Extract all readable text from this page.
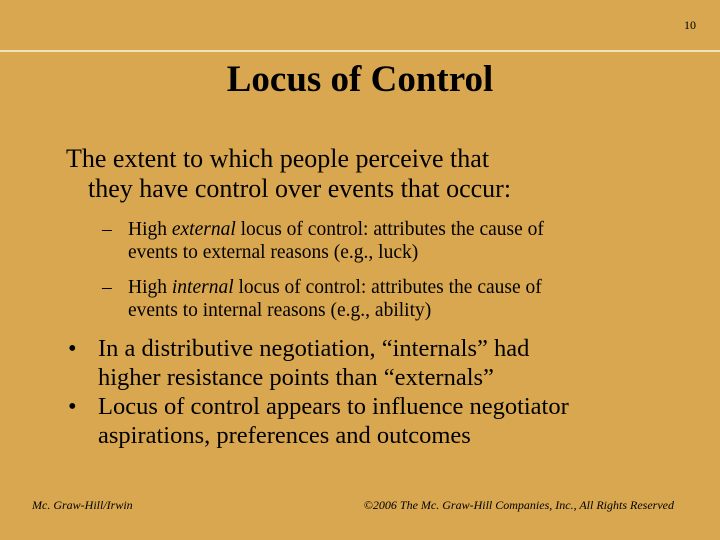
10
Locus of Control
The extent to which people perceive that
they have control over events that occur:
– High external locus of control: attributes the cause of
events to external reasons (e.g., luck)
– High internal locus of control: attributes the cause of
events to internal reasons (e.g., ability)
• In a distributive negotiation, “internals” had
higher resistance points than “externals”
• Locus of control appears to influence negotiator
aspirations, preferences and outcomes
Mc. Graw-Hill/Irwin	©2006 The Mc. Graw-Hill Companies, Inc., All Rights Reserved
